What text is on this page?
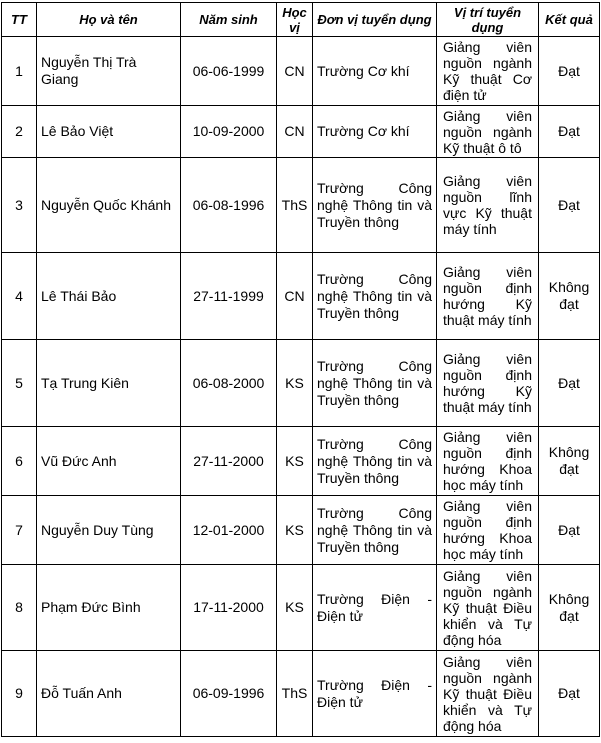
TT	Họ và tên	Năm sinh	Học vị	Đơn vị tuyển dụng	Vị trí tuyển dụng	Kết quả
1	Nguyễn Thị Trà Giang	06-06-1999	CN	Trường Cơ khí	Giảng viên nguồn ngành Kỹ thuật Cơ điện tử	Đạt
2	Lê Bảo Việt	10-09-2000	CN	Trường Cơ khí	Giảng viên nguồn ngành Kỹ thuật ô tô	Đạt
3	Nguyễn Quốc Khánh	06-08-1996	ThS	Trường Công nghệ Thông tin và Truyền thông	Giảng viên nguồn lĩnh vực Kỹ thuật máy tính	Đạt
4	Lê Thái Bảo	27-11-1999	CN	Trường Công nghệ Thông tin và Truyền thông	Giảng viên nguồn định hướng Kỹ thuật máy tính	Không đạt
5	Tạ Trung Kiên	06-08-2000	KS	Trường Công nghệ Thông tin và Truyền thông	Giảng viên nguồn định hướng Kỹ thuật máy tính	Đạt
6	Vũ Đức Anh	27-11-2000	KS	Trường Công nghệ Thông tin và Truyền thông	Giảng viên nguồn định hướng Khoa học máy tính	Không đạt
7	Nguyễn Duy Tùng	12-01-2000	KS	Trường Công nghệ Thông tin và Truyền thông	Giảng viên nguồn định hướng Khoa học máy tính	Đạt
8	Phạm Đức Bình	17-11-2000	KS	Trường Điện - Điện tử	Giảng viên nguồn ngành Kỹ thuật Điều khiển và Tự động hóa	Không đạt
9	Đỗ Tuấn Anh	06-09-1996	ThS	Trường Điện - Điện tử	Giảng viên nguồn ngành Kỹ thuật Điều khiển và Tự động hóa	Đạt
